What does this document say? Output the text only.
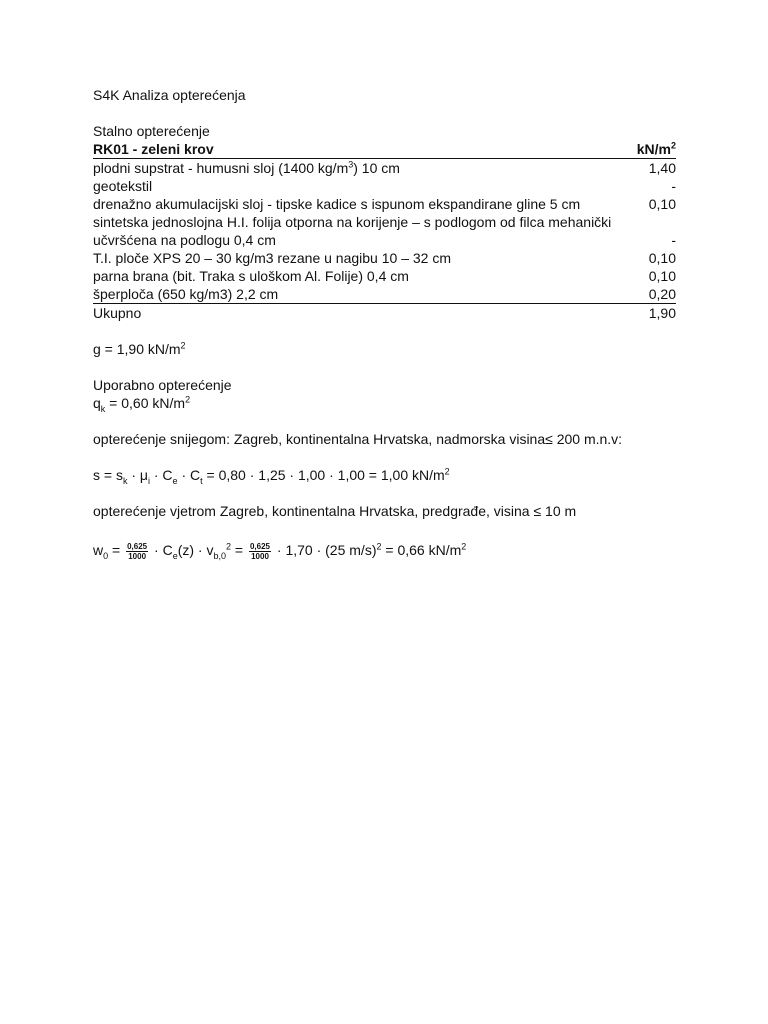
S4K Analiza opterećenja
Stalno opterećenje
RK01 - zeleni krov	$kN/m^2$
plodni supstrat - humusni sloj (1400 $kg/m^3$) 10 cm	1,40
geotekstil	-
drenažno akumulacijski sloj - tipske kadice s ispunom ekspandirane gline 5 cm	0,10
sintetska jednoslojna H.I. folija otporna na korijenje – s podlogom od filca mehanički
učvršćena na podlogu 0,4 cm	-
T.I. ploče XPS 20 – 30 kg/m3 rezane u nagibu 10 – 32 cm	0,10
parna brana (bit. Traka s uloškom Al. Folije) 0,4 cm	0,10
šperploča (650 kg/m3) 2,2 cm	0,20
Ukupno	1,90
g = 1,90 $kN/m^2$
Uporabno opterećenje
$q_k = 0,60$ $kN/m^2$
opterećenje snijegom: Zagreb, kontinentalna Hrvatska, nadmorska visina≤ 200 m.n.v:
$s = s_k \cdot \mu_i \cdot C_e \cdot C_t = 0,80 \cdot 1,25 \cdot 1,00 \cdot 1,00 = 1,00$ $kN/m^2$
opterećenje vjetrom Zagreb, kontinentalna Hrvatska, predgrađe, visina ≤ 10 m
$w_0 = \frac{0,625}{1000} \cdot C_e(z) \cdot v_{b,0}^2 = \frac{0,625}{1000} \cdot 1,70 \cdot (25$ m/s)$^2$ = 0,66 $kN/m^2$
